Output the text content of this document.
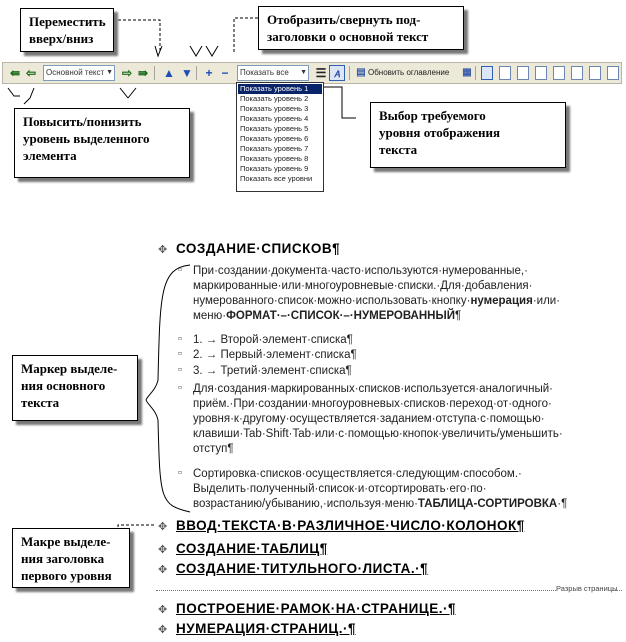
⇚ ⇦	Основной текст ▼ ⇨ ⇛ ▲ ▼	+ −	Показать все ▼ ☰ 𝐴	▤ Обновить оглавление	▦
Показать уровень 1
Показать уровень 2
Показать уровень 3
Показать уровень 4
Показать уровень 5
Показать уровень 6
Показать уровень 7
Показать уровень 8
Показать уровень 9
Показать все уровни
Переместить
вверх/вниз
Отобразить/свернуть под-
заголовки о основной текст
Повысить/понизить
уровень выделенного
элемента
Выбор требуемого
уровня отображения
текста
Маркер выделе-
ния основного
текста
Макре выделе-
ния заголовка
первого уровня
✥ СОЗДАНИЕ·СПИСКОВ¶
▫ При·создании·документа·часто·используются·нумерованные,·
маркированные·или·многоуровневые·списки.·Для·добавления·
нумерованного·список·можно·использовать·кнопку·нумерация·или·
меню·ФОРМАТ·–·СПИСОК·–·НУМЕРОВАННЫЙ¶
▫ 1. → Второй·элемент·списка¶
▫ 2. → Первый·элемент·списка¶
▫ 3. → Третий·элемент·списка¶
▫ Для·создания·маркированных·списков·используется·аналогичный·
приём.·При·создании·многоуровневых·списков·переход·от·одного·
уровня·к·другому·осуществляется·заданием·отступа·с·помощью·
клавиши·Tab·Shift·Tab·или·с·помощью·кнопок·увеличить/уменьшить·
отступ¶
▫ Сортировка·списков·осуществляется·следующим·способом.·
Выделить·полученный·список·и·отсортировать·его·по·
возрастанию/убыванию,·используя·меню·ТАБЛИЦА-СОРТИРОВКА·¶
✥ ВВОД·ТЕКСТА·В·РАЗЛИЧНОЕ·ЧИСЛО·КОЛОНОК¶
✥ СОЗДАНИЕ·ТАБЛИЦ¶
✥ СОЗДАНИЕ·ТИТУЛЬНОГО·ЛИСТА.·¶
Разрыв страницы
✥ ПОСТРОЕНИЕ·РАМОК·НА·СТРАНИЦЕ.·¶
✥ НУМЕРАЦИЯ·СТРАНИЦ.·¶
